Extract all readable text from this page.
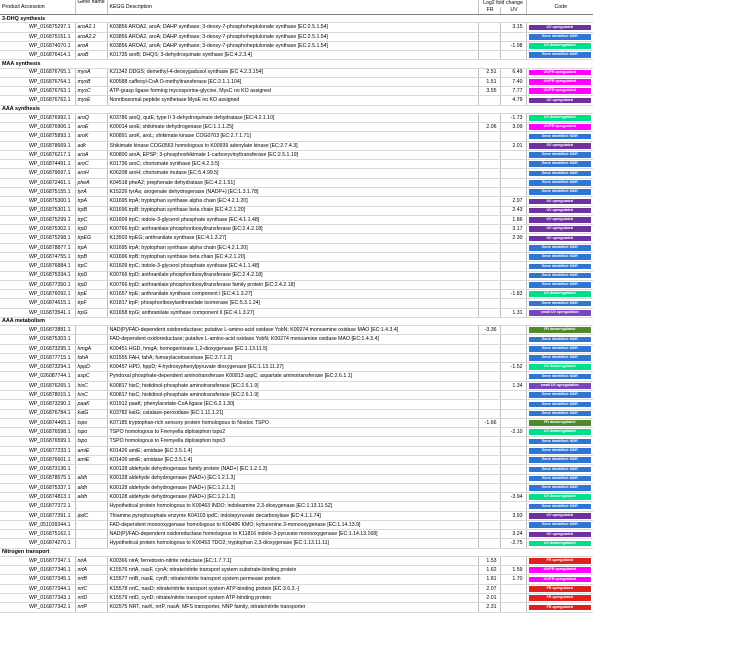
Product Accession	Gene name	KEGG Description	Log2 fold change		Code
			FR	UV	
3-DHQ synthesis					
WP_016875297.1	aroA2.1	K03856 AROA2, aroA; DAHP synthase; 3-deoxy-7-phosphoheptulonate synthase [EC:2.5.1.54]		3.15	UV upregulated

WP_016875151.1	aroA2.2	K03856 AROA2, aroA; DAHP synthase; 3-deoxy-7-phosphoheptulonate synthase [EC:2.5.1.54]			Gene identified: NDR

WP_016874070.1	aroA	K03856 AROA2, aroA; DAHP synthase; 3-deoxy-7-phosphoheptulonate synthase [EC:2.5.1.54]		-1.98	UV downregulated

WP_016876414.1	aroB	K01735 aroB; DHQS; 3-dehydroquinate synthase [EC:4.2.3.4]			Gene identified: NDR

MAA synthesis					
WP_016876765.1	mysA	K21342 DDGS; demethyl-4-deoxygadusol synthase [EC 4.2.3.154]	2.51	6.49	UV/FR upregulated

WP_016876764.1	mysB	K00588 caffeoyl-CoA O-methyltransferase [EC:2.1.1.104]	1.51	7.40	UV/FR upregulated

WP_016876763.1	mysC	ATP-grasp ligase forming mycosporine-glycine, MysC no KO assigned	3.55	7.77	UV/FR upregulated

WP_016876762.1	mysE	Nonribosomal peptide synthetase MysE no KO assigned		4.79	UV upregulated

AAA synthesis					
WP_016876992.1	aroQ	K03786 aroQ, qutE; type II 3-dehydroquinate dehydratase [EC:4.2.1.10]		-1.73	UV downregulated

WP_016876906.1	aroE	K00014 aroE; shikimate dehydrogenase [EC:1.1.1.25]	2.06	3.09	UV/FR upregulated

WP_016875893.1	aroK	K00891 aroK, aroL; shikimate kinase COG0703 [EC:2.7.1.71]			Gene identified: NDR

WP_016878669.1	adk	Shikimate kinase COG0563 homologous to K00939 adenylate kinase [EC:2.7.4.3]		2.01	UV upregulated

WP_016876217.1	aroA	K00800 aroA; EPSP; 3-phosphoshikimate 1-carboxyvinyltransferase [EC:2.5.1.19]			Gene identified: NDR

WP_016874491.1	aroC	K01736 aroC; chorismate synthase [EC:4.2.3.5]			Gene identified: NDR

WP_016879697.1	aroH	K06208 aroH; chorismate mutase [EC:5.4.99.5]			Gene identified: NDR

WP_016872461.1	pheA	K04518 pheA2; prephenate dehydratase [EC:4.2.1.51]			Gene identified: NDR

WP_016875155.1	tyrA	K15226 tyrAa; arogenate dehydrogenase (NADP+) [EC:1.3.1.78]			Gene identified: NDR

WP_016875300.1	trpA	K01695 trpA; tryptophan synthase alpha chain [EC:4.2.1.20]		2.97	UV upregulated

WP_016875301.1	trpB	K01696 trpB; tryptophan synthase beta chain [EC:4.2.1.20]		2.43	UV upregulated

WP_016875299.1	trpC	K01609 trpC; indole-3-glycerol phosphate synthase [EC:4.1.1.48]		1.86	UV upregulated

WP_016875302.1	trpD	K00766 trpD; anthranilate phosphoribosyltransferase [EC:2.4.2.18]		3.17	UV upregulated

WP_016875298.1	trpEG	K13503 trpEG; anthranilate synthase [EC:4.1.3.27]		2.30	UV upregulated

WP_016878877.1	trpA	K01695 trpA; tryptophan synthase alpha chain [EC:4.2.1.20]			Gene identified: NDR

WP_016874755.1	trpB	K01696 trpB; tryptophan synthase beta chain [EC:4.2.1.20]			Gene identified: NDR

WP_016876884.1	trpC	K01609 trpC; indole-3-glycerol phosphate synthase [EC:4.1.1.48]			Gene identified: NDR

WP_016875334.1	trpD	K00766 trpD; anthranilate phosphoribosyltransferase [EC:2.4.2.18]			Gene identified: NDR

WP_016877350.1	trpD	K00766 trpD; anthranilate phosphoribosyltransferase family protein [EC:2.4.2.18]			Gene identified: NDR

WP_016876092.1	trpE	K01657 trpE; anthranilate synthase component I [EC:4.1.3.27]		-1.83	UV downregulated

WP_016874615.1	trpF	K01817 trpF; phosphoribosylanthranilate isomerase [EC:5.3.1.24]			Gene identified: NDR

WP_016873541.1	trpG	K01658 trpG; anthranilate synthase component II [EC:4.1.3.27]		1.31	small UV upregulation

AAA metabolism					
WP_016873881.1		NAD(P)/FAD-dependent oxidoreductase; putative L-amino-acid oxidase YobN; K00274 monoamine oxidase MAO [EC:1.4.3.4]	-3.36		FR downregulated

WP_016875303.1		FAD-dependent oxidoreductase; putative L-amino-acid oxidase YobN; K00274 monoamine oxidase MAO [EC:1.4.3.4]			Gene identified: NDR

WP_016873295.1	hmgA	K00451 HGD, hmgA; homogentisate 1,2-dioxygenase [EC:1.13.11.5]			Gene identified: NDR

WP_016877715.1	fahA	K01555 FAH, fahA; fumarylacetoacetase [EC:3.7.1.2]			Gene identified: NDR

WP_016873294.1	hppD	K00457 HPD, hppD; 4-hydroxyphenylpyruvate dioxygenase [EC:1.13.11.27]		-1.52	UV downregulated

WP_026087744.1	aspC	Pyridoxal phosphate-dependent aminotransferase K00813 aspC; aspartate aminotransferase [EC:2.6.1.1]			Gene identified: NDR

WP_016876265.1	hisC	K00817 hisC; histidinol-phosphate aminotransferase [EC:2.6.1.9]		1.34	small UV upregulation

WP_016878015.1	hisC	K00817 hisC; histidinol-phosphate aminotransferase [EC:2.6.1.9]			Gene identified: NDR

WP_016873290.1	paaK	K01912 paaK; phenylacetate-CoA ligase [EC:6.2.1.30]			Gene identified: NDR

WP_016876784.1	katG	K03782 katG; catalase-peroxidase [EC:1.11.1.21]			Gene identified: NDR

WP_016874465.1	tspo	K07185 tryptophan-rich sensory protein homologous to Nostoc TSPO	-1.66		FR downregulated

WP_016876598.1	tspo	TSPO homologous to Fremyella diplosiphon tspo2		-2.10	UV downregulated

WP_016876599.1	tspo	TSPO homologous to Fremyella diplosiphon tspo3			Gene identified: NDR

WP_016877233.1	amiE	K01426 amiE; amidase [EC:3.5.1.4]			Gene identified: NDR

WP_016876601.1	amiE	K01426 amiE; amidase [EC:3.5.1.4]			Gene identified: NDR

WP_016873136.1		K00128 aldehyde dehydrogenase family protein (NAD+) [EC:1.2.1.3]			Gene identified: NDR

WP_016878575.1	aldh	K00128 aldehyde dehydrogenase (NAD+) [EC:1.2.1.3]			Gene identified: NDR

WP_016875337.1	aldh	K00128 aldehyde dehydrogenase (NAD+) [EC:1.2.1.3]			Gene identified: NDR

WP_016874813.1	aldh	K00128 aldehyde dehydrogenase (NAD+) [EC:1.2.1.3]		-3.94	UV downregulated

WP_016877372.1		Hypothetical protein homologous to K00463 INDO; indoleamine 2,3-dioxygenase [EC:1.13.11.52]			Gene identified: NDR

WP_016877391.1	ipdC	Thiamine pyrophosphate enzyme K04103 ipdC; indolepyruvate decarboxylase [EC:4.1.1.74]		3.93	UV upregulated

WP_051039344.1		FAD-dependent monooxygenase homologous to K00486 KMO; kynurenine 3-monooxygenase [EC:1.14.13.9]			Gene identified: NDR

WP_016875162.1		NAD(P)/FAD-dependent oxidoreductase homologous to K11816 indole-3-pyruvate monooxygenase [EC:1.14.13.168]		3.24	UV upregulated

WP_016874270.1		Hypothetical protein homologous to K00453 TDO2; tryptophan 2,3-dioxygenase [EC:1.13.11.11]		-2.75	UV downregulated

Nitrogen transport					
WP_016877347.1	nirA	K00366 nirA; ferredoxin-nitrite reductase [EC:1.7.7.1]	1.53		FR upregulated

WP_016877346.1	nrtA	K15576 nrtA, nasF, cynA; nitrate/nitrite transport system substrate-binding protein	1.62	1.59	UV/FR upregulated

WP_016877345.1	nrtB	K15577 nrtB, nasE, cynB; nitrate/nitrite transport system permease protein	1.81	1.70	UV/FR upregulated

WP_016877344.1	nrtC	K15578 nrtC, nasD; nitrate/nitrite transport system ATP-binding protein [EC:3.6.3.-]	2.07		FR upregulated

WP_016877343.1	nrtD	K15579 nrtD, cynD; nitrate/nitrite transport system ATP-binding protein	2.01		FR upregulated

WP_016877342.1	nrtP	K02575 NRT, narK, nrtP, nasA; MFS transporter, NNP family, nitrate/nitrite transporter	2.31		FR upregulated
